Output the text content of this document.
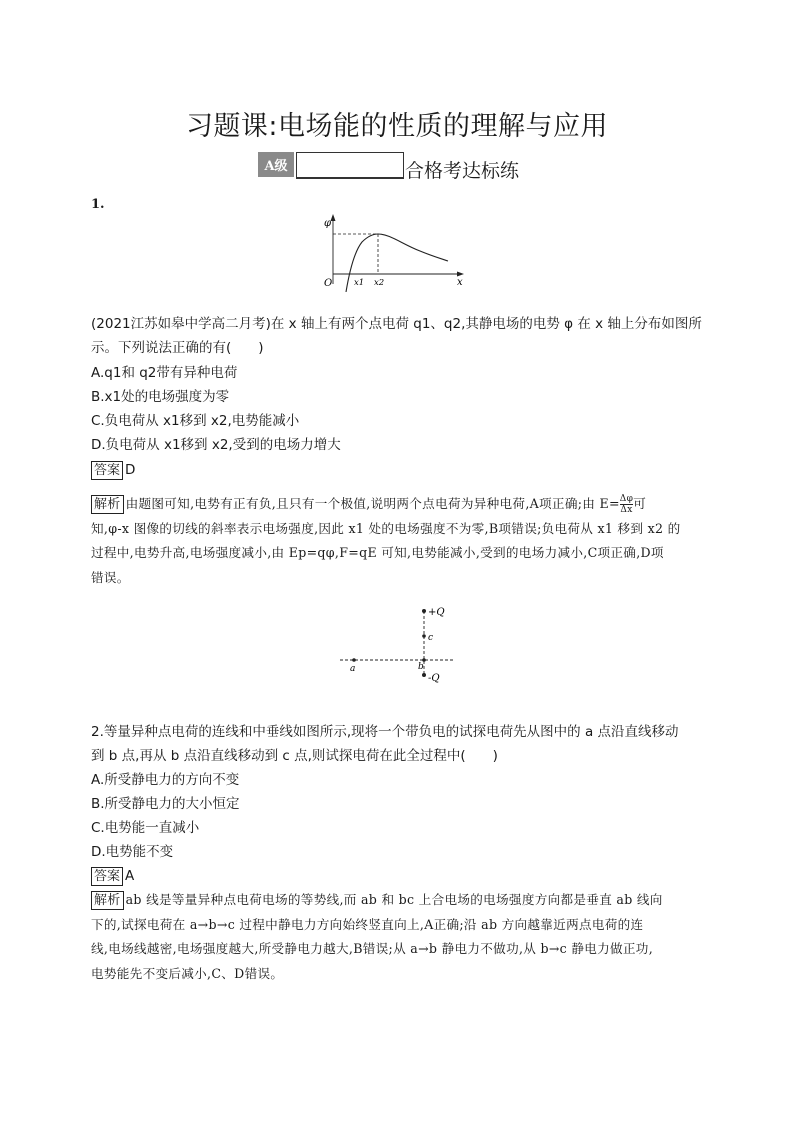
习题课:电场能的性质的理解与应用
A级	合格考达标练
1.
φ
x
O	x1 x2
(2021江苏如皋中学高二月考)在 x 轴上有两个点电荷 q1、q2,其静电场的电势 φ 在 x 轴上分布如图所
示。下列说法正确的有(　　)
A.q1和 q2带有异种电荷
B.x1处的电场强度为零
C.负电荷从 x1移到 x2,电势能减小
D.负电荷从 x1移到 x2,受到的电场力增大
答案 D
解析 由题图可知,电势有正有负,且只有一个极值,说明两个点电荷为异种电荷,A项正确;由 $E= \frac{\Delta\varphi}{\Delta x}$ 可
知,φ-x 图像的切线的斜率表示电场强度,因此 x1 处的电场强度不为零,B项错误;负电荷从 x1 移到 x2 的
过程中,电势升高,电场强度减小,由 Ep=qφ,F=qE 可知,电势能减小,受到的电场力减小,C项正确,D项
错误。
+Q
-Q
c
b
a
2.等量异种点电荷的连线和中垂线如图所示,现将一个带负电的试探电荷先从图中的 a 点沿直线移动
到 b 点,再从 b 点沿直线移动到 c 点,则试探电荷在此全过程中(　　)
A.所受静电力的方向不变
B.所受静电力的大小恒定
C.电势能一直减小
D.电势能不变
答案 A
解析 ab 线是等量异种点电荷电场的等势线,而 ab 和 bc 上合电场的电场强度方向都是垂直 ab 线向
下的,试探电荷在 a→b→c 过程中静电力方向始终竖直向上,A正确;沿 ab 方向越靠近两点电荷的连
线,电场线越密,电场强度越大,所受静电力越大,B错误;从 a→b 静电力不做功,从 b→c 静电力做正功,
电势能先不变后减小,C、D错误。
